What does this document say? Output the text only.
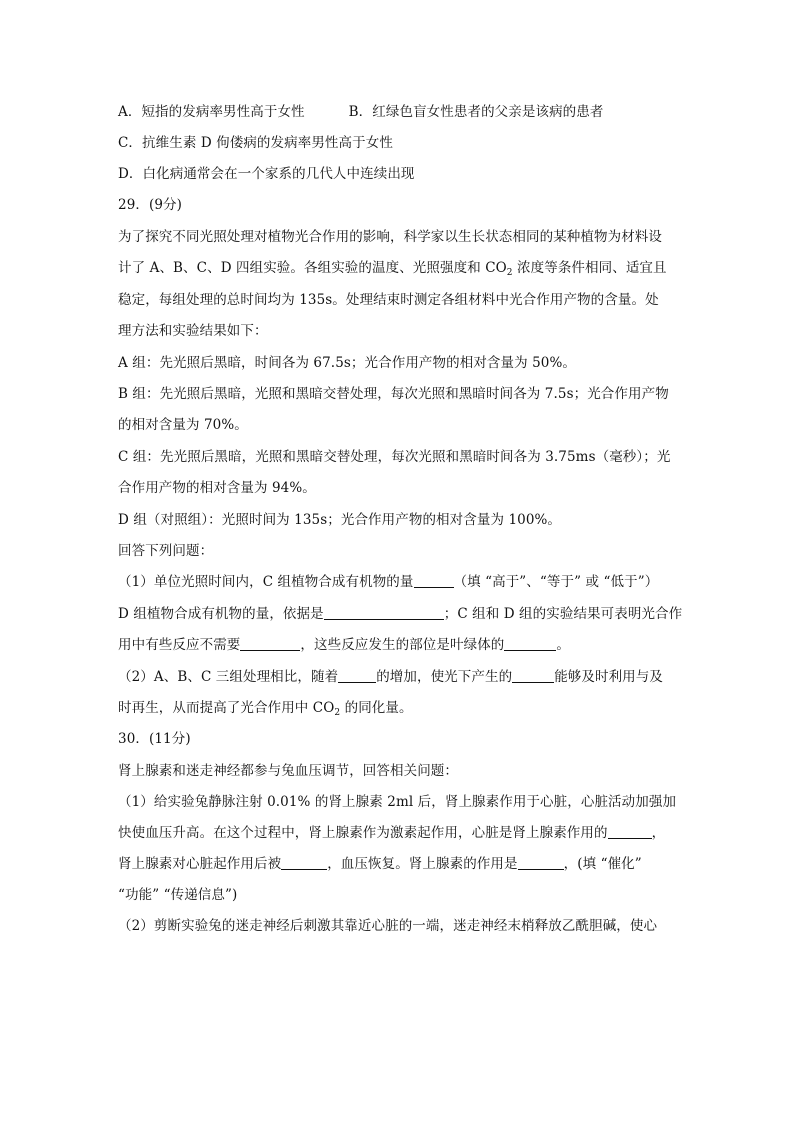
A．短指的发病率男性高于女性	B．红绿色盲女性患者的父亲是该病的患者
C．抗维生素 D 佝偻病的发病率男性高于女性
D．白化病通常会在一个家系的几代人中连续出现
29．(9分)
为了探究不同光照处理对植物光合作用的影响，科学家以生长状态相同的某种植物为材料设
计了 A、B、C、D 四组实验。各组实验的温度、光照强度和 $CO_2$ 浓度等条件相同、适宜且
稳定，每组处理的总时间均为 135s。处理结束时测定各组材料中光合作用产物的含量。处
理方法和实验结果如下：
A 组：先光照后黑暗，时间各为 67.5s；光合作用产物的相对含量为 50%。
B 组：先光照后黑暗，光照和黑暗交替处理，每次光照和黑暗时间各为 7.5s；光合作用产物
的相对含量为 70%。
C 组：先光照后黑暗，光照和黑暗交替处理，每次光照和黑暗时间各为 3.75ms（毫秒）；光
合作用产物的相对含量为 94%。
D 组（对照组）：光照时间为 135s；光合作用产物的相对含量为 100%。
回答下列问题：
（1）单位光照时间内，C 组植物合成有机物的量	（填 “高于”、“等于” 或 “低于”）
D 组植物合成有机物的量，依据是	；C 组和 D 组的实验结果可表明光合作
用中有些反应不需要	，这些反应发生的部位是叶绿体的	。
（2）A、B、C 三组处理相比，随着	的增加，使光下产生的	能够及时利用与及
时再生，从而提高了光合作用中 $CO_2$ 的同化量。
30．(11分)
肾上腺素和迷走神经都参与兔血压调节，回答相关问题：
（1）给实验兔静脉注射 0.01% 的肾上腺素 2ml 后，肾上腺素作用于心脏，心脏活动加强加
快使血压升高。在这个过程中，肾上腺素作为激素起作用，心脏是肾上腺素作用的	，
肾上腺素对心脏起作用后被	，血压恢复。肾上腺素的作用是	，(填 “催化”
“功能” “传递信息”)
（2）剪断实验兔的迷走神经后刺激其靠近心脏的一端，迷走神经末梢释放乙酰胆碱，使心
